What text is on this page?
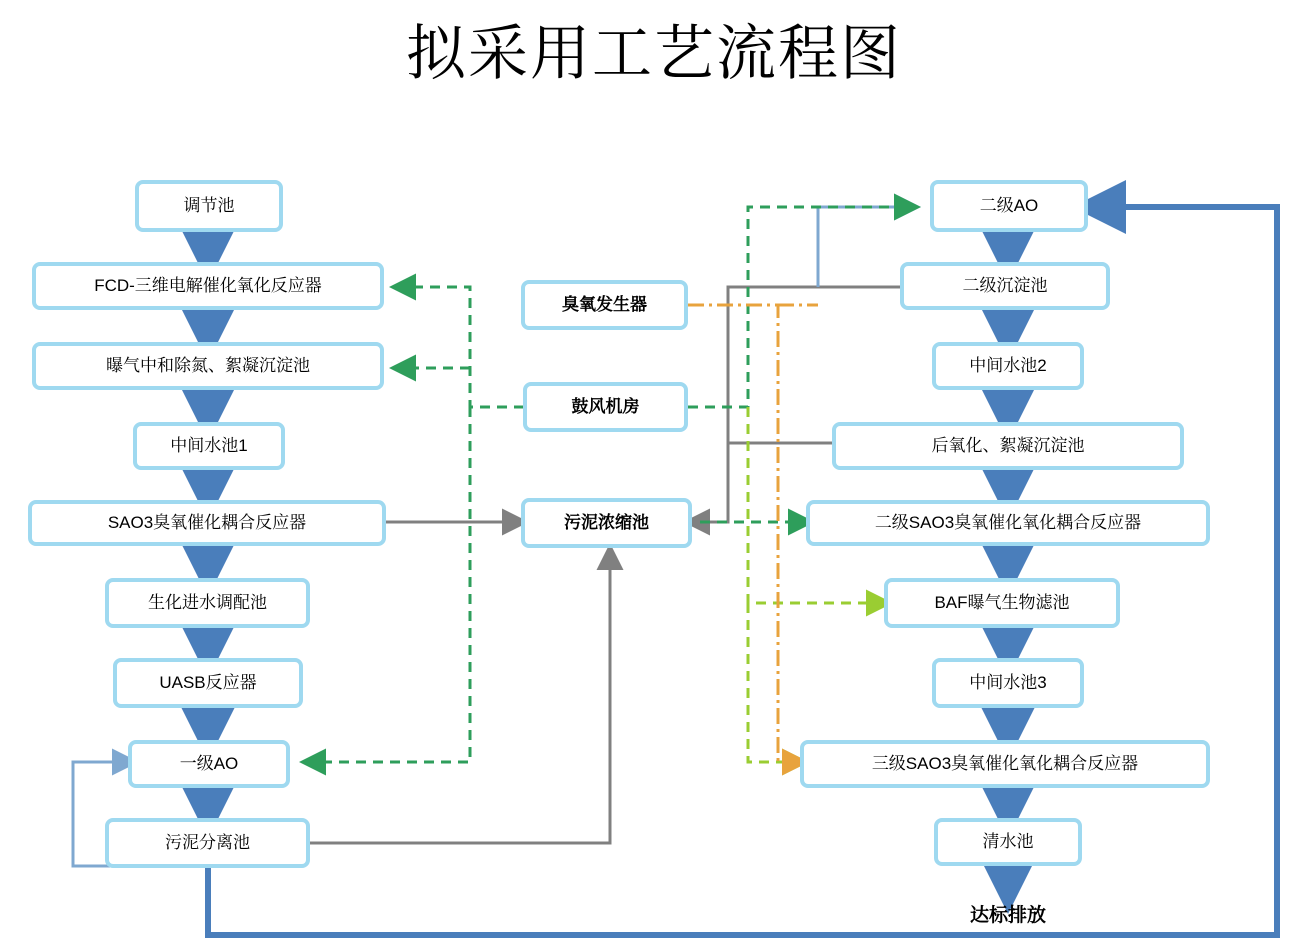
拟采用工艺流程图
调节池
FCD-三维电解催化氧化反应器
曝气中和除氮、絮凝沉淀池
中间水池1
SAO3臭氧催化耦合反应器
生化进水调配池
UASB反应器
一级AO
污泥分离池
臭氧发生器
鼓风机房
污泥浓缩池
二级AO
二级沉淀池
中间水池2
后氧化、絮凝沉淀池
二级SAO3臭氧催化氧化耦合反应器
BAF曝气生物滤池
中间水池3
三级SAO3臭氧催化氧化耦合反应器
清水池
达标排放
